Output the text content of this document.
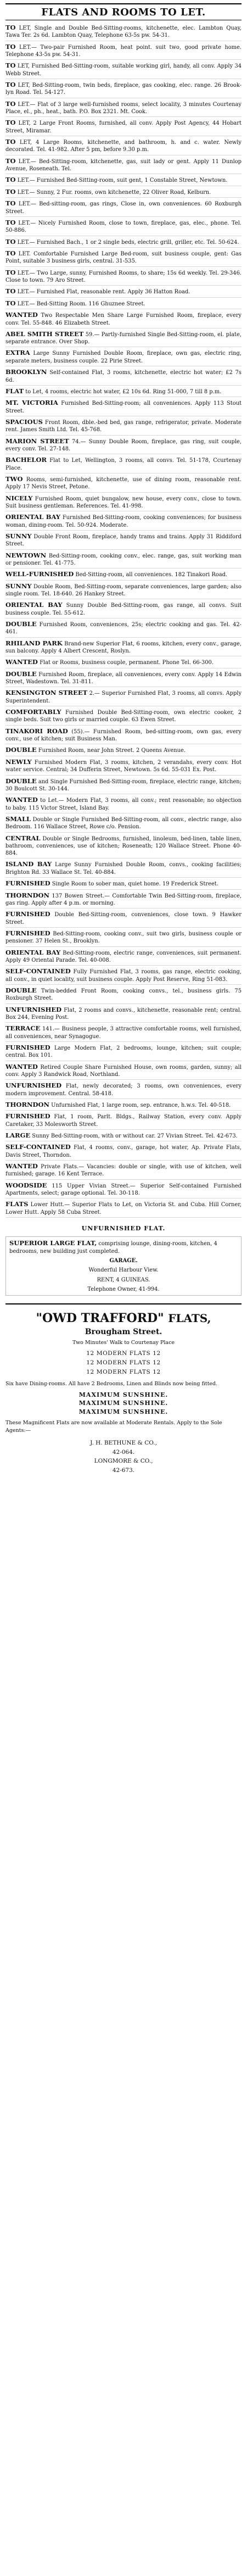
FLATS AND ROOMS TO LET.

TO LET, Single and Double Bed-Sitting-rooms, kitchenette, elec. Lambton Quay, Tawa Ter. 2s 6d. Lambton Quay, Telephone 63-5s pw. 54-31.

TO LET.— Two-pair Furnished Room, heat point. suit two, good private home. Telephone 43-5s pw. 54-31.

TO LET, Furnished Bed-Sitting-room, suitable working girl, handy, all conv. Apply 34 Webb Street.

TO LET, Bed-Sitting-room, twin beds, fireplace, gas cooking, elec. range. 26 Brook- lyn Road. Tel. 54-127.

TO LET.— Flat of 3 large well-furnished rooms, select locality, 3 minutes Courtenay Place, el., ph., heat., bath. P.O. Box 2321. Mt. Cook.

TO LET, 2 Large Front Rooms, furnished, all conv. Apply Post Agency, 44 Hobart Street, Miramar.

TO LET, 4 Large Rooms, kitchenette, and bathroom, h. and c. water. Newly decorated. Tel. 41-982. After 5 pm, before 9.30 p.m.

TO LET.— Bed-Sitting-room, kitchenette, gas, suit lady or gent. Apply 11 Dunlop Avenue, Roseneath. Tel.

TO LET.— Furnished Bed-Sitting-room, suit gent, 1 Constable Street, Newtown.

TO LET.— Sunny, 2 Fur. rooms, own kitchenette, 22 Oliver Road, Kelburn.

TO LET.— Bed-sitting-room, gas rings, Close in, own conveniences. 60 Roxburgh Street.

TO LET.— Nicely Furnished Room, close to town, fireplace, gas, elec., phone. Tel. 50-886.

TO LET.— Furnished Bach., 1 or 2 single beds, electric grill, griller, etc. Tel. 50-624.

TO LET. Comfortable Furnished Large Bed-room, suit business couple, gent: Gas Point, suitable 3 business girls, central. 31-535.

TO LET.— Two Large, sunny, Furnished Rooms, to share; 15s 6d weekly. Tel. 29-346. Close to town. 79 Aro Street.

TO LET.— Furnished Flat, reasonable rent. Apply 36 Hatton Road.

TO LET.— Bed-Sitting Room. 116 Ghuznee Street.

WANTED Two Respectable Men Share Large Furnished Room, fireplace, every conv. Tel. 55-848. 46 Elizabeth Street.

ABEL SMITH STREET 59.— Partly-furnished Single Bed-Sitting-room, el. plate, separate entrance. Over Shop.

EXTRA Large Sunny Furnished Double Room, fireplace, own gas, electric ring, separate meters, business couple. 22 Pirie Street.

BROOKLYN Self-contained Flat, 3 rooms, kitchenette, electric hot water; £2 7s 6d.

FLAT to Let, 4 rooms, electric hot water, £2 10s 6d. Ring 51-000, 7 till 8 p.m.

MT. VICTORIA Furnished Bed-Sitting-room; all conveniences. Apply 113 Stout Street.

SPACIOUS Front Room, dble.-bed bed, gas range, refrigerator, private. Moderate rent. James Smith Ltd. Tel. 45-768.

MARION STREET 74.— Sunny Double Room, fireplace, gas ring, suit couple, every conv. Tel. 27-148.

BACHELOR Flat to Let, Wellington, 3 rooms, all convs. Tel. 51-178, Ccurtenay Place.

TWO Rooms, semi-furnished, kitchenette, use of dining room, reasonable rent. Apply 17 Nevis Street, Petone.

NICELY Furnished Room, quiet bungalow, new house, every conv., close to town. Suit business gentleman. References. Tel. 41-998.

ORIENTAL BAY Furnished Bed-Sitting-room, cooking conveniences; for business woman, dining-room. Tel. 50-924. Moderate.

SUNNY Double Front Room, fireplace, handy trams and trains. Apply 31 Riddiford Street.

NEWTOWN Bed-Sitting-room, cooking conv., elec. range, gas, suit working man or pensioner. Tel. 41-775.

WELL-FURNISHED Bed-Sitting-room, all conveniences. 182 Tinakori Road.

SUNNY Double Room, Bed-Sitting-room, separate conveniences, large garden; also single room. Tel. 18-640. 26 Hankey Street.

ORIENTAL BAY Sunny Double Bed-Sitting-room, gas range, all convs. Suit business couple. Tel. 55-612.

DOUBLE Furnished Room, conveniences, 25s; electric cooking and gas. Tel. 42-461.

RHILAND PARK Brand-new Superior Flat, 6 rooms, kitchen, every conv., garage, sun balcony. Apply 4 Albert Crescent, Roslyn.

WANTED Flat or Rooms, business couple, permanent. Phone Tel. 66-300.

DOUBLE Furnished Room, fireplace, all conveniences, every conv. Apply 14 Edwin Street, Wadestown. Tel. 31-811.

KENSINGTON STREET 2.— Superior Furnished Flat, 3 rooms, all convs. Apply Superintendent.

COMFORTABLY Furnished Double Bed-Sitting-room, own electric cooker, 2 single beds. Suit two girls or married couple. 63 Ewen Street.

TINAKORI ROAD (55).— Furnished Room, bed-sitting-room, own gas, every conv., use of kitchen; suit Business Man.

DOUBLE Furnished Room, near John Street. 2 Queens Avenue.

NEWLY Furnished Modern Flat, 3 rooms, kitchen, 2 verandahs, every conv. Hot water service. Central; 34 Dufferin Street, Newtown. 5s 6d. 55-031 Ex. Post.

DOUBLE and Single Furnished Bed-Sitting-room, fireplace, electric range, kitchen; 30 Boulcott St. 30-144.

WANTED to Let.— Modern Flat, 3 rooms, all conv.; rent reasonable; no objection to baby. 115 Victor Street, Island Bay.

SMALL Double or Single Furnished Bed-Sitting-room, all conv., electric range, also Bedroom. 116 Wallace Street, Rowe c/o. Pension.

CENTRAL Double or Single Bedrooms, furnished, linoleum, bed-linen, table linen, bathroom, conveniences, use of kitchen; Roseneath; 120 Wallace Street. Phone 40-884.

ISLAND BAY Large Sunny Furnished Double Room, convs., cooking facilities; Brighton Rd. 33 Wallace St. Tel. 40-884.

FURNISHED Single Room to sober man, quiet home. 19 Frederick Street.

THORNDON 137 Bowen Street.— Comfortable Twin Bed-Sitting-room, fireplace, gas ring. Apply after 4 p.m. or morning.

FURNISHED Double Bed-Sitting-room, conveniences, close town. 9 Hawker Street.

FURNISHED Bed-Sitting-room, cooking conv., suit two girls, business couple or pensioner. 37 Helen St., Brooklyn.

ORIENTAL BAY Bed-Sitting-room, electric range, conveniences, suit permanent. Apply 49 Oriental Parade. Tel. 40-008.

SELF-CONTAINED Fully Furnished Flat, 3 rooms, gas range, electric cooking, all conv., in quiet locality, suit business couple. Apply Post Reserve, Ring 51-083.

DOUBLE Twin-bedded Front Room, cooking convs., tel., business girls. 75 Roxburgh Street.

UNFURNISHED Flat, 2 rooms and convs., kitchenette, reasonable rent; central. Box 244, Evening Post.

TERRACE 141.— Business people, 3 attractive comfortable rooms, well furnished, all conveniences, near Synagogue.

FURNISHED Large Modern Flat, 2 bedrooms, lounge, kitchen; suit couple; central. Box 101.

WANTED Retired Couple Share Furnished House, own rooms, garden, sunny; all conv. Apply 3 Randwick Road, Northland.

UNFURNISHED Flat, newly decorated; 3 rooms, own conveniences, every modern improvement. Central. 58-418.

THORNDON Unfurnished Flat, 1 large room, sep. entrance, h.w.s. Tel. 40-518.

FURNISHED Flat, 1 room, Parlt. Bldgs., Railway Station, every conv. Apply Caretaker, 33 Molesworth Street.

LARGE Sunny Bed-Sitting-room, with or without car. 27 Vivian Street. Tel. 42-673.

SELF-CONTAINED Flat, 4 rooms, conv., garage, hot water, Ap. Private Flats, Davis Street, Thorndon.

WANTED Private Flats.— Vacancies: double or single, with use of kitchen, well furnished; garage. 16 Kent Terrace.

WOODSIDE 115 Upper Vivian Street.— Superior Self-contained Furnished Apartments, select; garage optional. Tel. 30-118.

FLATS Lower Hutt.— Superior Flats to Let, on Victoria St. and Cuba. Hill Corner, Lower Hutt. Apply 58 Cuba Street.

UNFURNISHED FLAT.

SUPERIOR LARGE FLAT, comprising lounge, dining-room, kitchen, 4 bedrooms, new building just completed.

GARAGE.

Wonderful Harbour View.

RENT, 4 GUINEAS.

Telephone Owner, 41-994.

"OWD TRAFFORD" FLATS,
Brougham Street.
Two Minutes' Walk to Courtenay Place
12 MODERN FLATS 12
12 MODERN FLATS 12
12 MODERN FLATS 12
Six have Dining-rooms. All have 2 Bedrooms, Linen and Blinds now being fitted.
MAXIMUM SUNSHINE.
MAXIMUM SUNSHINE.
MAXIMUM SUNSHINE.
These Magnificent Flats are now available at Moderate Rentals. Apply to the Sole Agents:—
J. H. BETHUNE & CO.,
42-064.
LONGMORE & CO.,
42-673.
